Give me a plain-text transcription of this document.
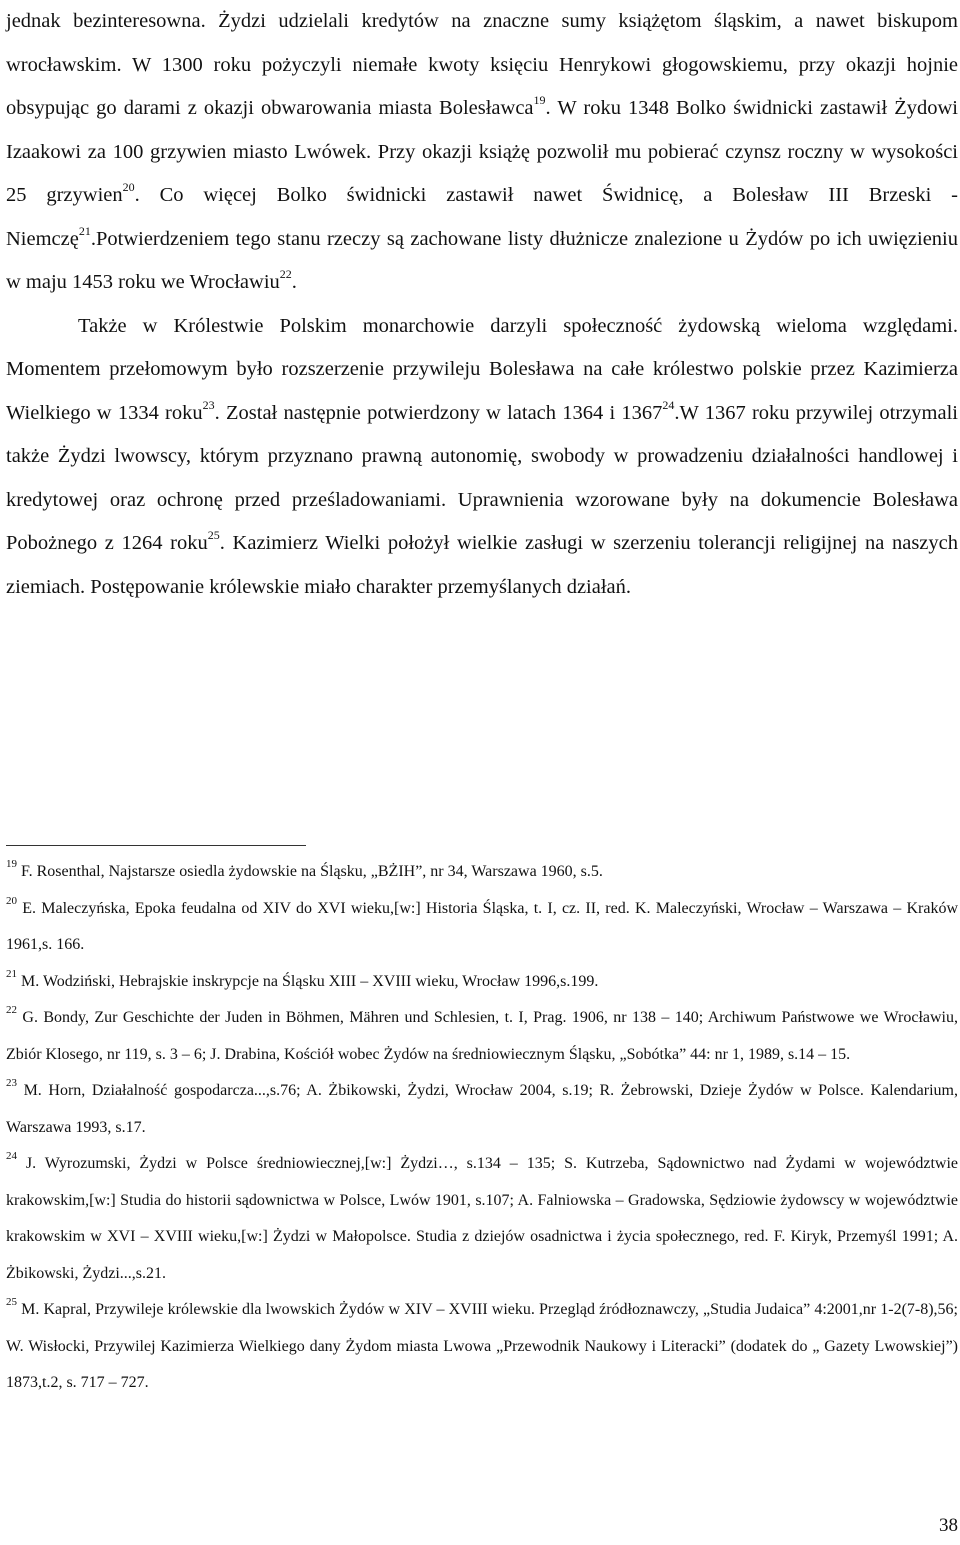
jednak bezinteresowna. Żydzi udzielali kredytów na znaczne sumy książętom śląskim, a nawet biskupom wrocławskim. W 1300 roku pożyczyli niemałe kwoty księciu Henrykowi głogowskiemu, przy okazji hojnie obsypując go darami z okazji obwarowania miasta Bolesławca$^{19}$. W roku 1348 Bolko świdnicki zastawił Żydowi Izaakowi za 100 grzywien miasto Lwówek. Przy okazji książę pozwolił mu pobierać czynsz roczny w wysokości 25 grzywien$^{20}$. Co więcej Bolko świdnicki zastawił nawet Świdnicę, a Bolesław III Brzeski - Niemczę$^{21}$.Potwierdzeniem tego stanu rzeczy są zachowane listy dłużnicze znalezione u Żydów po ich uwięzieniu w maju 1453 roku we Wrocławiu$^{22}$.

Także w Królestwie Polskim monarchowie darzyli społeczność żydowską wieloma względami. Momentem przełomowym było rozszerzenie przywileju Bolesława na całe królestwo polskie przez Kazimierza Wielkiego w 1334 roku$^{23}$. Został następnie potwierdzony w latach 1364 i 1367$^{24}$.W 1367 roku przywilej otrzymali także Żydzi lwowscy, którym przyznano prawną autonomię, swobody w prowadzeniu działalności handlowej i kredytowej oraz ochronę przed prześladowaniami. Uprawnienia wzorowane były na dokumencie Bolesława Pobożnego z 1264 roku$^{25}$. Kazimierz Wielki położył wielkie zasługi w szerzeniu tolerancji religijnej na naszych ziemiach. Postępowanie królewskie miało charakter przemyślanych działań.

$^{19}$ F. Rosenthal, Najstarsze osiedla żydowskie na Śląsku, „BŻIH”, nr 34, Warszawa 1960, s.5.

$^{20}$ E. Maleczyńska, Epoka feudalna od XIV do XVI wieku,[w:] Historia Śląska, t. I, cz. II, red. K. Maleczyński, Wrocław – Warszawa – Kraków 1961,s. 166.

$^{21}$ M. Wodziński, Hebrajskie inskrypcje na Śląsku XIII – XVIII wieku, Wrocław 1996,s.199.

$^{22}$ G. Bondy, Zur Geschichte der Juden in Böhmen, Mähren und Schlesien, t. I, Prag. 1906, nr 138 – 140; Archiwum Państwowe we Wrocławiu, Zbiór Klosego, nr 119, s. 3 – 6; J. Drabina, Kościół wobec Żydów na średniowiecznym Śląsku, „Sobótka” 44: nr 1, 1989, s.14 – 15.

$^{23}$ M. Horn, Działalność gospodarcza...,s.76; A. Żbikowski, Żydzi, Wrocław 2004, s.19; R. Żebrowski, Dzieje Żydów w Polsce. Kalendarium, Warszawa 1993, s.17.

$^{24}$ J. Wyrozumski, Żydzi w Polsce średniowiecznej,[w:] Żydzi…, s.134 – 135; S. Kutrzeba, Sądownictwo nad Żydami w województwie krakowskim,[w:] Studia do historii sądownictwa w Polsce, Lwów 1901, s.107; A. Falniowska – Gradowska, Sędziowie żydowscy w województwie krakowskim w XVI – XVIII wieku,[w:] Żydzi w Małopolsce. Studia z dziejów osadnictwa i życia społecznego, red. F. Kiryk, Przemyśl 1991; A. Żbikowski, Żydzi...,s.21.

$^{25}$ M. Kapral, Przywileje królewskie dla lwowskich Żydów w XIV – XVIII wieku. Przegląd źródłoznawczy, „Studia Judaica” 4:2001,nr 1-2(7-8),56; W. Wisłocki, Przywilej Kazimierza Wielkiego dany Żydom miasta Lwowa „Przewodnik Naukowy i Literacki” (dodatek do „ Gazety Lwowskiej”) 1873,t.2, s. 717 – 727.

38
